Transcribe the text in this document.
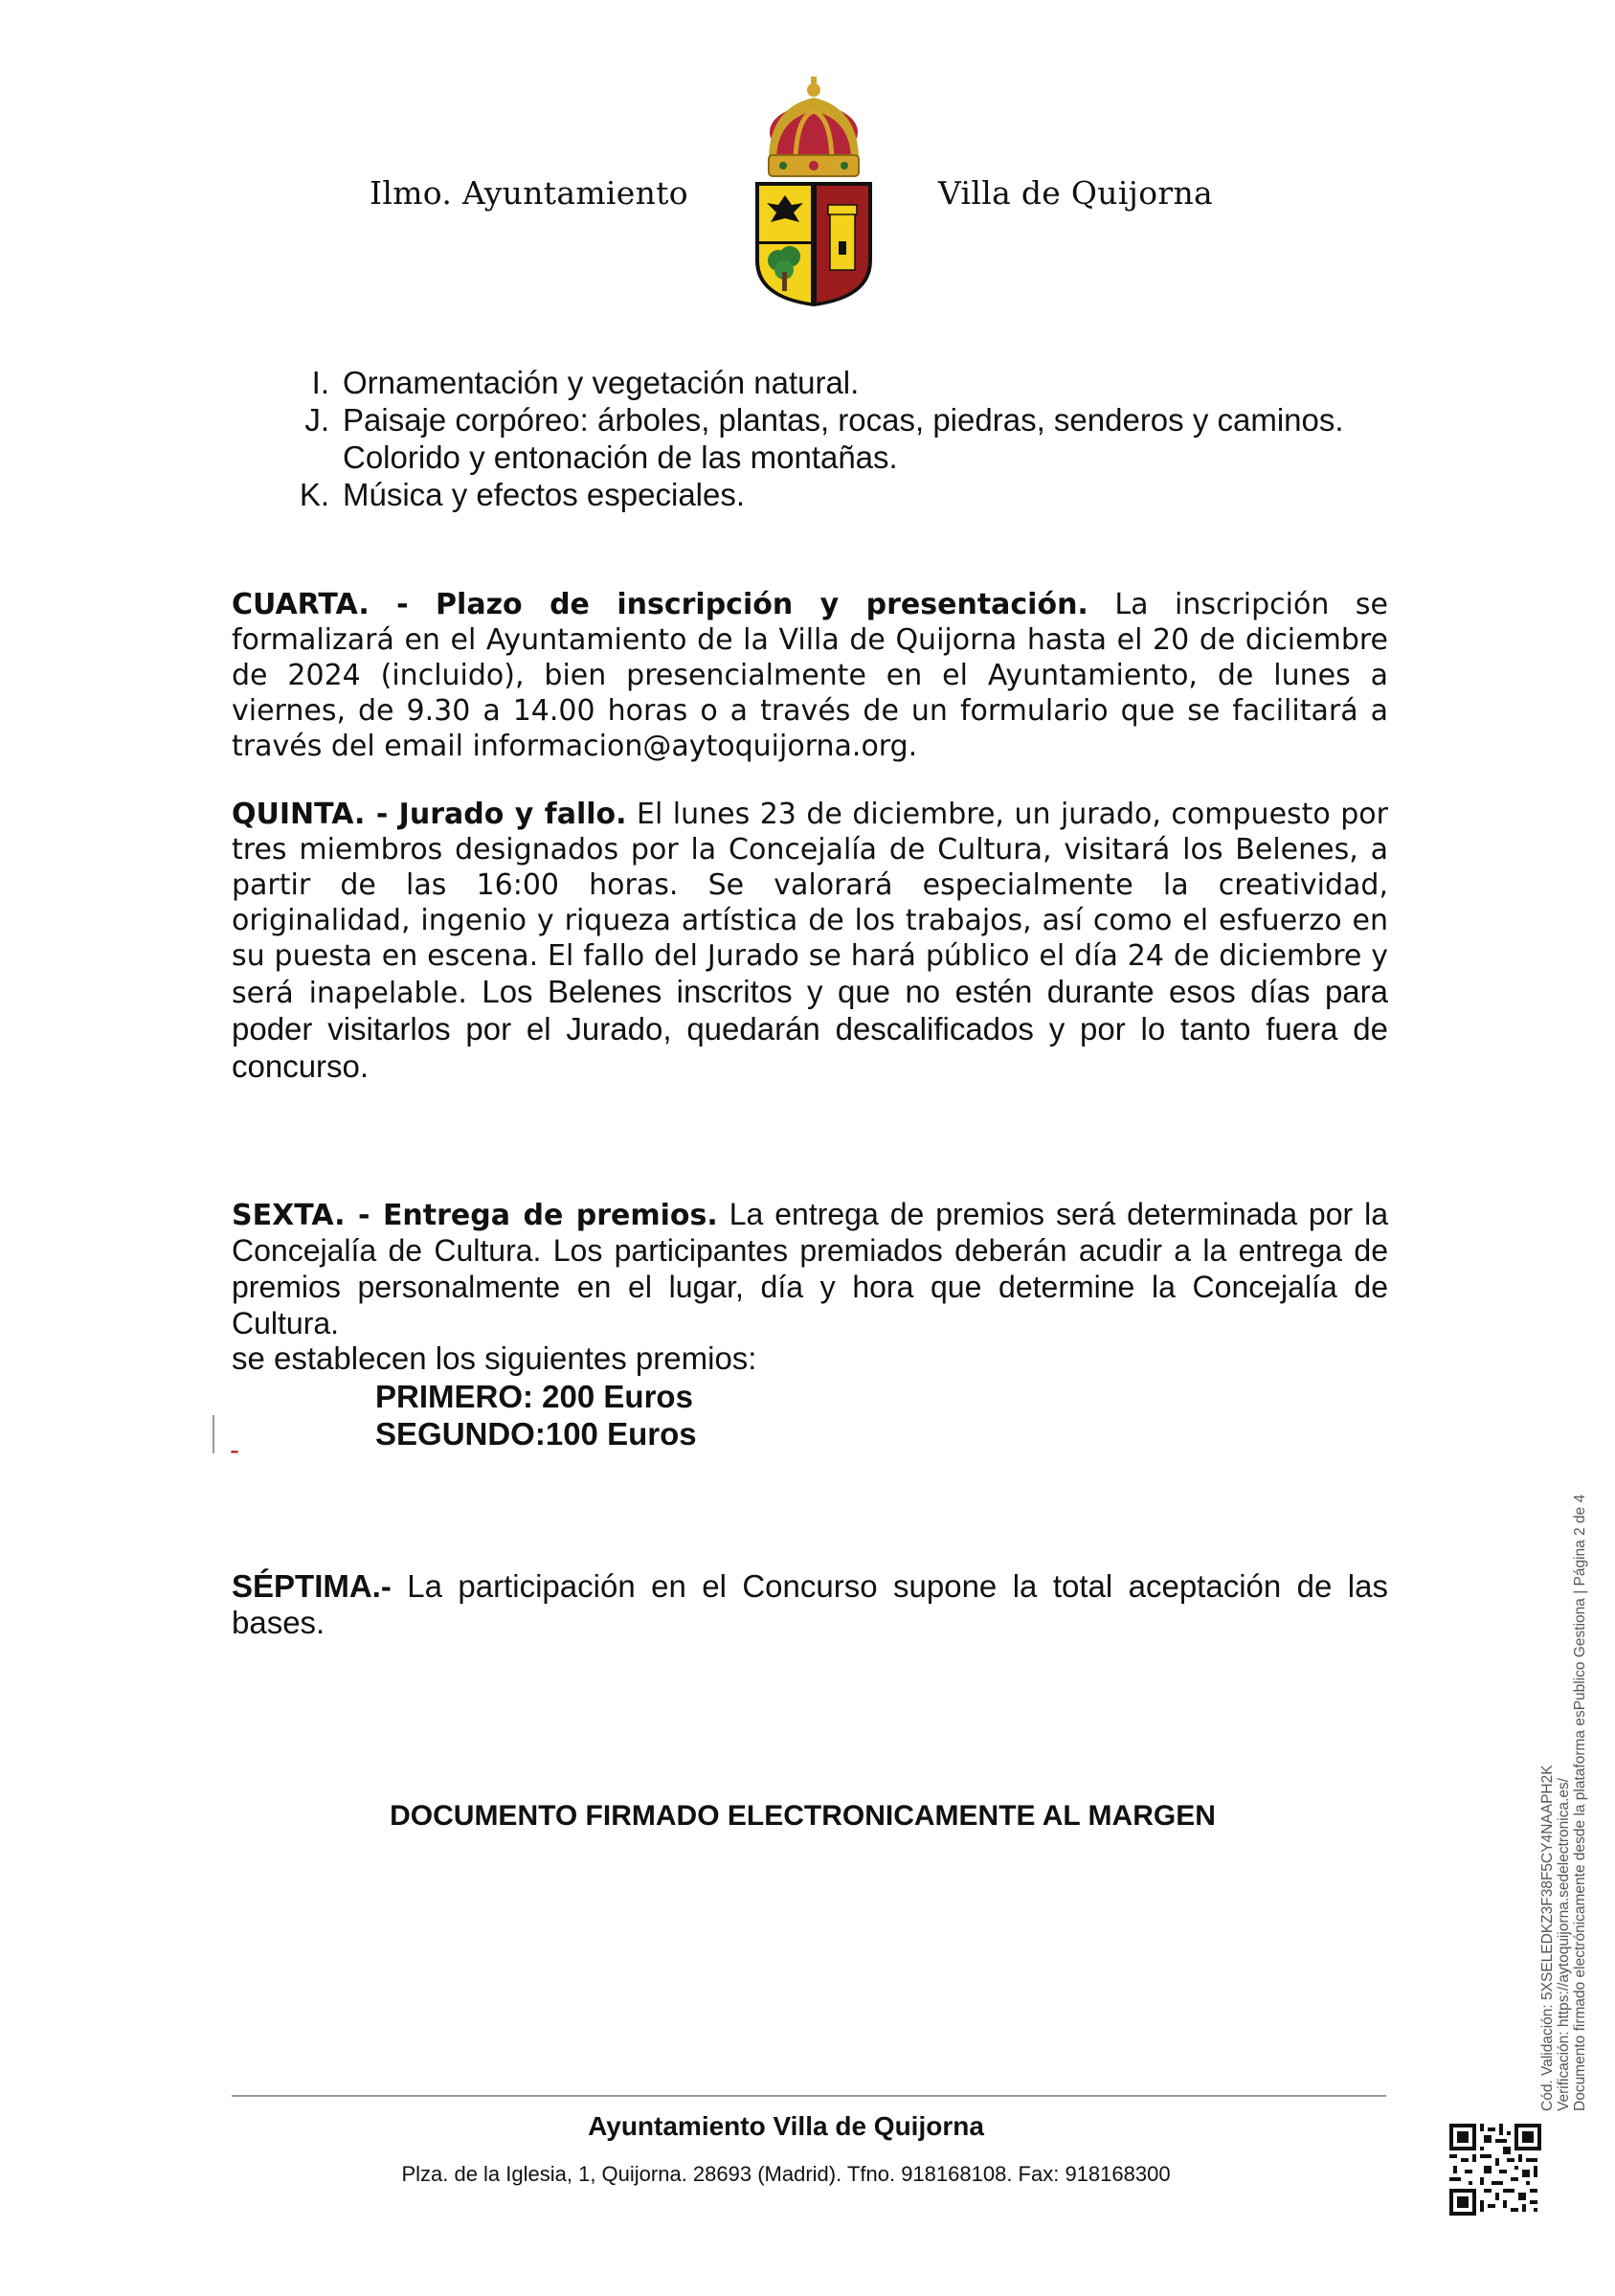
Ilmo. Ayuntamiento	Villa de Quijorna
I. Ornamentación y vegetación natural.
J. Paisaje corpóreo: árboles, plantas, rocas, piedras, senderos y caminos. Colorido y entonación de las montañas.
K. Música y efectos especiales.
CUARTA. - Plazo de inscripción y presentación. La inscripción se formalizará en el Ayuntamiento de la Villa de Quijorna hasta el 20 de diciembre de 2024 (incluido), bien presencialmente en el Ayuntamiento, de lunes a viernes, de 9.30 a 14.00 horas o a través de un formulario que se facilitará a través del email informacion@aytoquijorna.org.
QUINTA. - Jurado y fallo. El lunes 23 de diciembre, un jurado, compuesto por tres miembros designados por la Concejalía de Cultura, visitará los Belenes, a partir de las 16:00 horas. Se valorará especialmente la creatividad, originalidad, ingenio y riqueza artística de los trabajos, así como el esfuerzo en su puesta en escena. El fallo del Jurado se hará público el día 24 de diciembre y será inapelable. Los Belenes inscritos y que no estén durante esos días para poder visitarlos por el Jurado, quedarán descalificados y por lo tanto fuera de concurso.
SEXTA. - Entrega de premios. La entrega de premios será determinada por la Concejalía de Cultura. Los participantes premiados deberán acudir a la entrega de premios personalmente en el lugar, día y hora que determine la Concejalía de Cultura.
se establecen los siguientes premios:
PRIMERO: 200 Euros
-	SEGUNDO:100 Euros
SÉPTIMA.- La participación en el Concurso supone la total aceptación de las bases.
DOCUMENTO FIRMADO ELECTRONICAMENTE AL MARGEN
Ayuntamiento Villa de Quijorna
Plza. de la Iglesia, 1, Quijorna. 28693 (Madrid). Tfno. 918168108. Fax: 918168300
Cód. Validación: 5XSELEDKZ3F38F5CY4NAAPH2K Verificación: https://aytoquijorna.sedelectronica.es/ Documento firmado electrónicamente desde la plataforma esPublico Gestiona | Página 2 de 4
